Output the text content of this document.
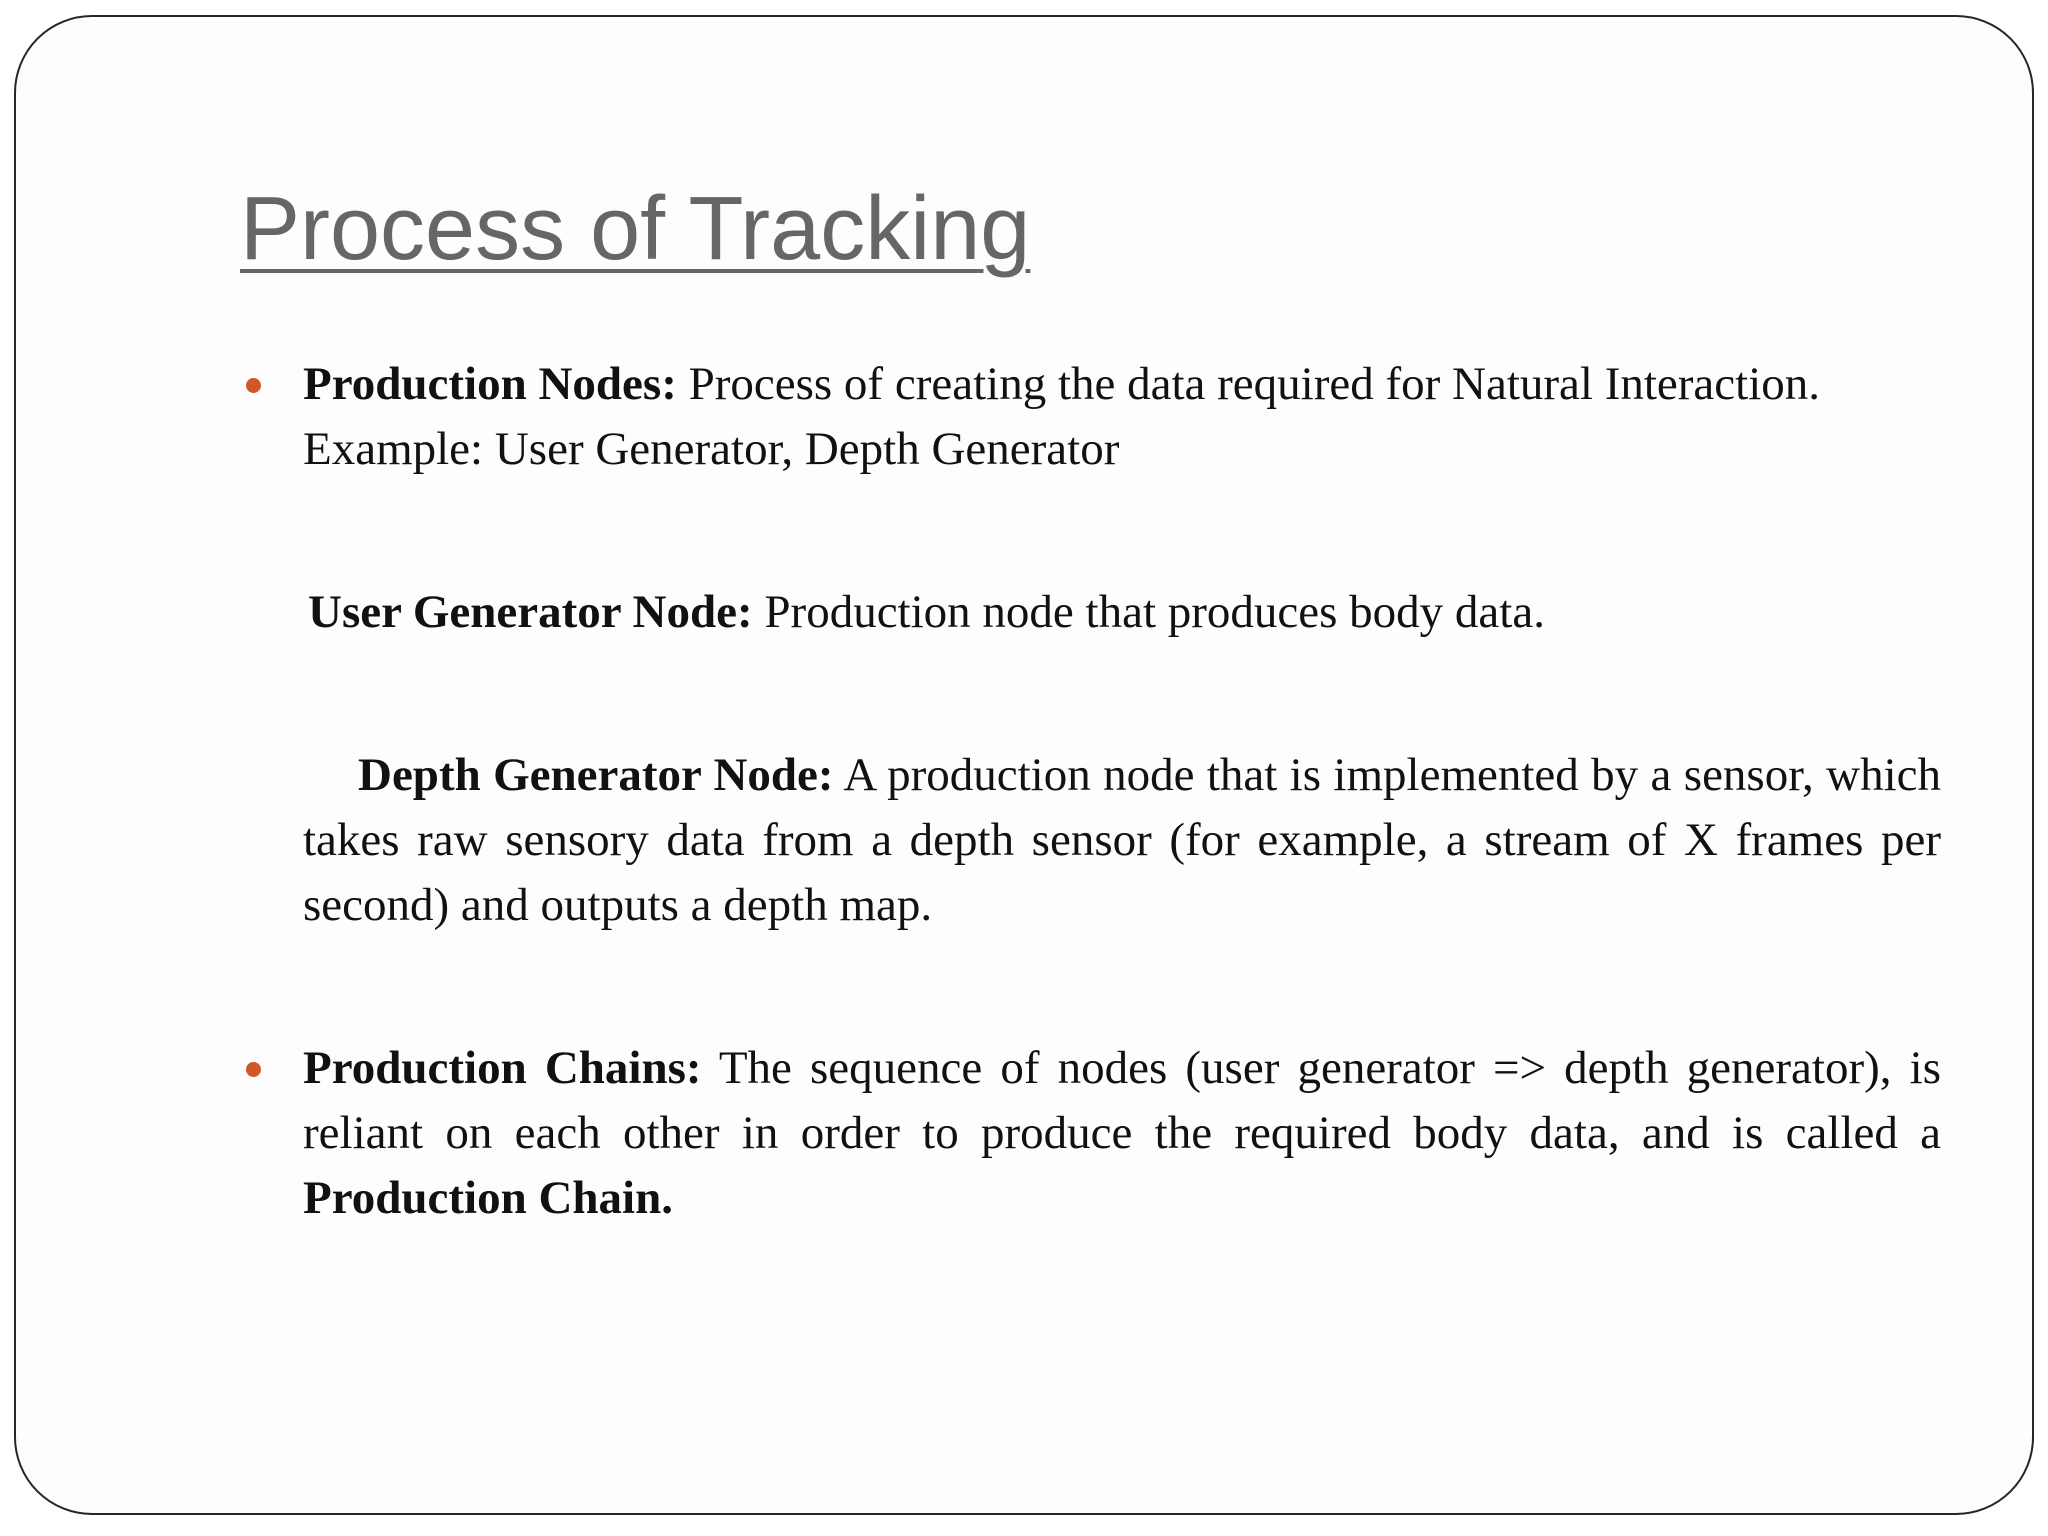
Process of Tracking

Production Nodes: Process of creating the data required for Natural Interaction. Example: User Generator, Depth Generator

User Generator Node: Production node that produces body data.

Depth Generator Node: A production node that is implemented by a sensor, which takes raw sensory data from a depth sensor (for example, a stream of X frames per second) and outputs a depth map.

Production Chains: The sequence of nodes (user generator => depth generator), is reliant on each other in order to produce the required body data, and is called a Production Chain.
